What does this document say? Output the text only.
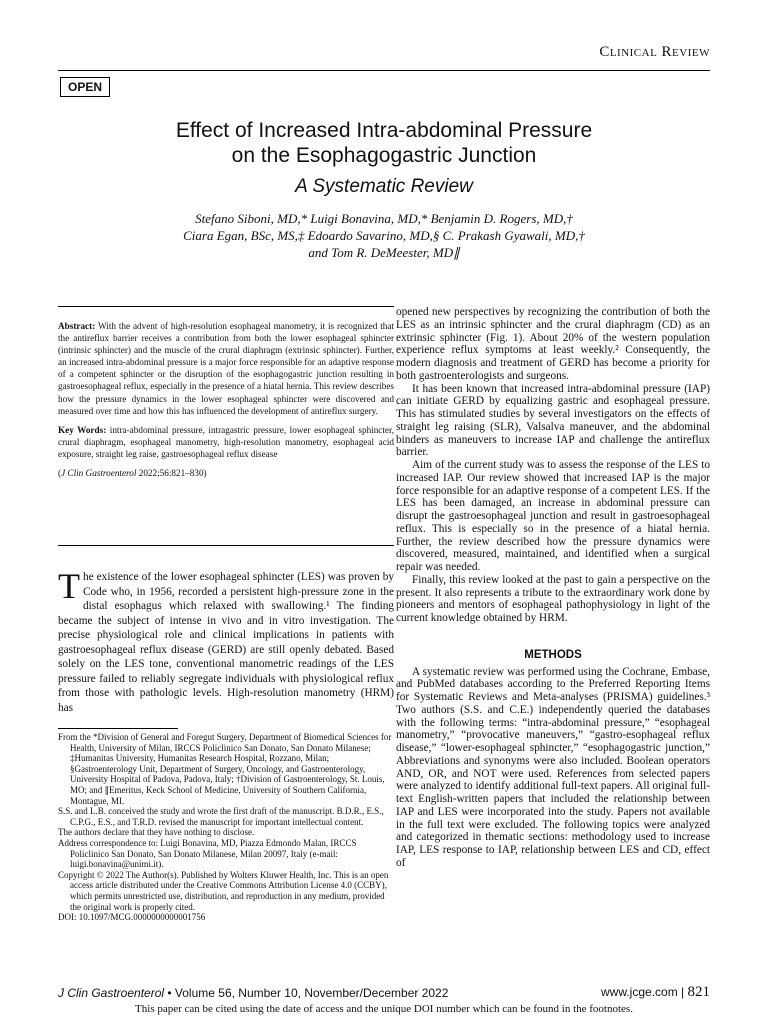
Clinical Review
OPEN
Effect of Increased Intra-abdominal Pressure
on the Esophagogastric Junction
A Systematic Review
Stefano Siboni, MD,* Luigi Bonavina, MD,* Benjamin D. Rogers, MD,†
Ciara Egan, BSc, MS,‡ Edoardo Savarino, MD,§ C. Prakash Gyawali, MD,†
and Tom R. DeMeester, MD∥

Abstract: With the advent of high-resolution esophageal manometry, it is recognized that the antireflux barrier receives a contribution from both the lower esophageal sphincter (intrinsic sphincter) and the muscle of the crural diaphragm (extrinsic sphincter). Further, an increased intra-abdominal pressure is a major force responsible for an adaptive response of a competent sphincter or the disruption of the esophagogastric junction resulting in gastroesophageal reflux, especially in the presence of a hiatal hernia. This review describes how the pressure dynamics in the lower esophageal sphincter were discovered and measured over time and how this has influenced the development of antireflux surgery.

Key Words: intra-abdominal pressure, intragastric pressure, lower esophageal sphincter, crural diaphragm, esophageal manometry, high-resolution manometry, esophageal acid exposure, straight leg raise, gastroesophageal reflux disease

(J Clin Gastroenterol 2022;56:821–830)

The existence of the lower esophageal sphincter (LES) was proven by Code who, in 1956, recorded a persistent high-pressure zone in the distal esophagus which relaxed with swallowing.¹ The finding became the subject of intense in vivo and in vitro investigation. The precise physiological role and clinical implications in patients with gastroesophageal reflux disease (GERD) are still openly debated. Based solely on the LES tone, conventional manometric readings of the LES pressure failed to reliably segregate individuals with physiological reflux from those with pathologic levels. High-resolution manometry (HRM) has

From the *Division of General and Foregut Surgery, Department of Biomedical Sciences for Health, University of Milan, IRCCS Policlinico San Donato, San Donato Milanese; ‡Humanitas University, Humanitas Research Hospital, Rozzano, Milan; §Gastroenterology Unit, Department of Surgery, Oncology, and Gastroenterology, University Hospital of Padova, Padova, Italy; †Division of Gastroenterology, St. Louis, MO; and ∥Emeritus, Keck School of Medicine, University of Southern California, Montague, MI.

S.S. and L.B. conceived the study and wrote the first draft of the manuscript. B.D.R., E.S., C.P.G., E.S., and T.R.D. revised the manuscript for important intellectual content.

The authors declare that they have nothing to disclose.

Address correspondence to: Luigi Bonavina, MD, Piazza Edmondo Malan, IRCCS Policlinico San Donato, San Donato Milanese, Milan 20097, Italy (e-mail: luigi.bonavina@unimi.it).

Copyright © 2022 The Author(s). Published by Wolters Kluwer Health, Inc. This is an open access article distributed under the Creative Commons Attribution License 4.0 (CCBY), which permits unrestricted use, distribution, and reproduction in any medium, provided the original work is properly cited.

DOI: 10.1097/MCG.0000000000001756

opened new perspectives by recognizing the contribution of both the LES as an intrinsic sphincter and the crural diaphragm (CD) as an extrinsic sphincter (Fig. 1). About 20% of the western population experience reflux symptoms at least weekly.² Consequently, the modern diagnosis and treatment of GERD has become a priority for both gastroenterologists and surgeons.

It has been known that increased intra-abdominal pressure (IAP) can initiate GERD by equalizing gastric and esophageal pressure. This has stimulated studies by several investigators on the effects of straight leg raising (SLR), Valsalva maneuver, and the abdominal binders as maneuvers to increase IAP and challenge the antireflux barrier.

Aim of the current study was to assess the response of the LES to increased IAP. Our review showed that increased IAP is the major force responsible for an adaptive response of a competent LES. If the LES has been damaged, an increase in abdominal pressure can disrupt the gastroesophageal junction and result in gastroesophageal reflux. This is especially so in the presence of a hiatal hernia. Further, the review described how the pressure dynamics were discovered, measured, maintained, and identified when a surgical repair was needed.

Finally, this review looked at the past to gain a perspective on the present. It also represents a tribute to the extraordinary work done by pioneers and mentors of esophageal pathophysiology in light of the current knowledge obtained by HRM.

METHODS

A systematic review was performed using the Cochrane, Embase, and PubMed databases according to the Preferred Reporting Items for Systematic Reviews and Meta-analyses (PRISMA) guidelines.³ Two authors (S.S. and C.E.) independently queried the databases with the following terms: “intra-abdominal pressure,” “esophageal manometry,” “provocative maneuvers,” “gastro-esophageal reflux disease,” “lower-esophageal sphincter,” “esophagogastric junction,” Abbreviations and synonyms were also included. Boolean operators AND, OR, and NOT were used. References from selected papers were analyzed to identify additional full-text papers. All original full-text English-written papers that included the relationship between IAP and LES were incorporated into the study. Papers not available in the full text were excluded. The following topics were analyzed and categorized in thematic sections: methodology used to increase IAP, LES response to IAP, relationship between LES and CD, effect of

J Clin Gastroenterol • Volume 56, Number 10, November/December 2022	www.jcge.com | 821
This paper can be cited using the date of access and the unique DOI number which can be found in the footnotes.
